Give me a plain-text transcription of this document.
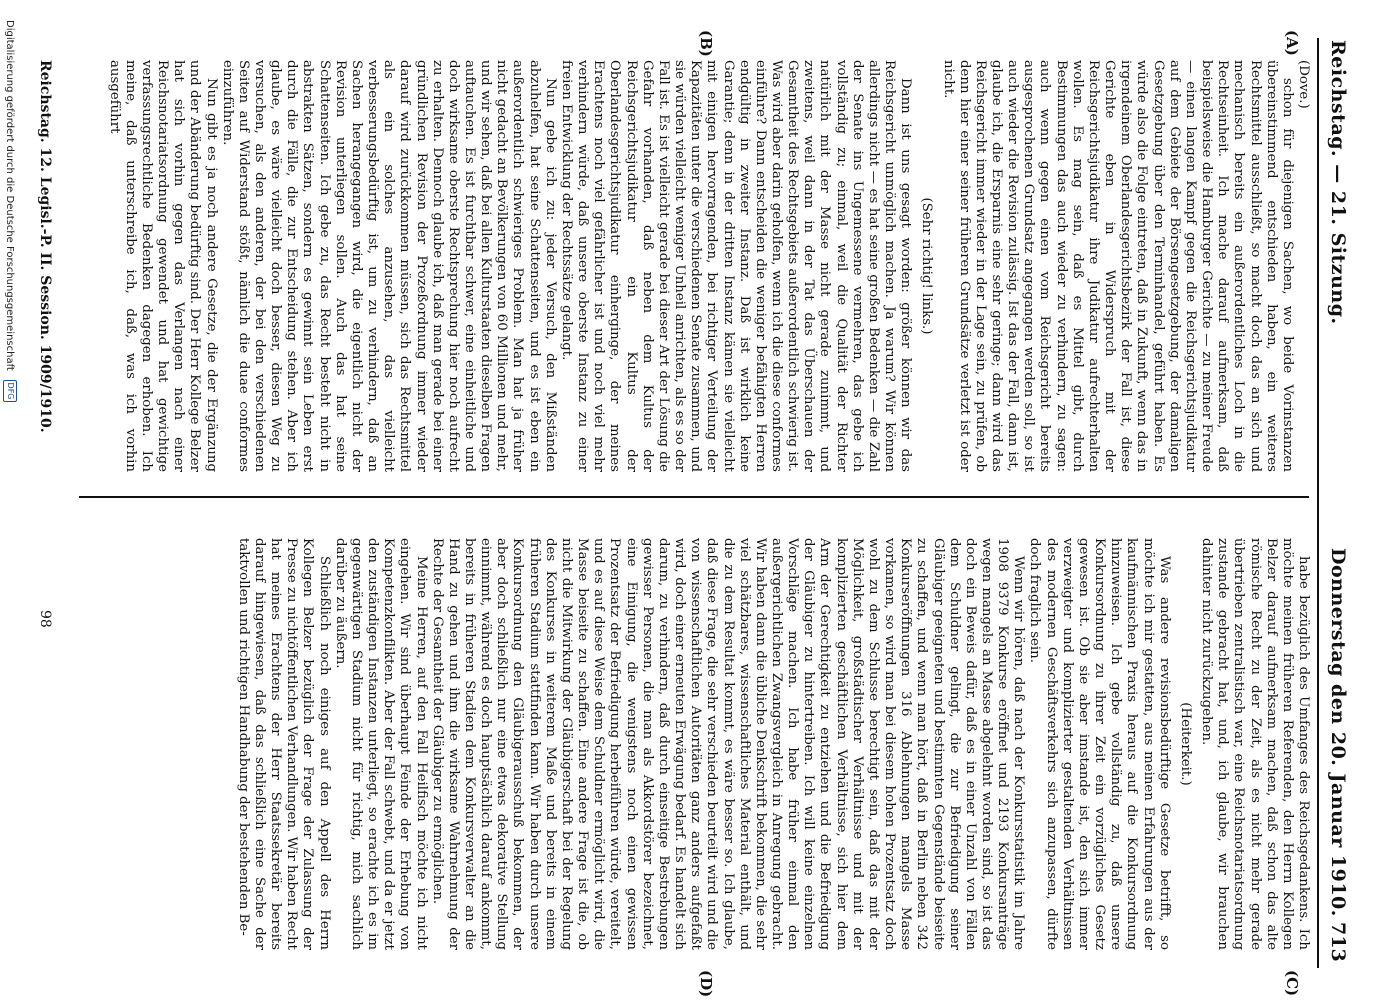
Reichstag. — 21. Sitzung.
Donnerstag den 20. Januar 1910.
713
(A)
(B)
(C)
(D)

(Dove.)

schon für diejenigen Sachen, wo beide Vorinstanzen übereinstimmend entschieden haben, ein weiteres Rechtsmittel ausschließt, so macht doch das an sich und mechanisch bereits ein außerordentliches Loch in die Rechtseinheit. Ich mache darauf aufmerksam, daß beispielsweise die Hamburger Gerichte — zu meiner Freude — einen langen Kampf gegen die Reichsgerichtsjudikatur auf dem Gebiete der Börsengesetzgebung, der damaligen Gesetzgebung über den Terminhandel, geführt haben. Es würde also die Folge eintreten, daß in Zukunft, wenn das in irgendeinem Oberlandesgerichtsbezirk der Fall ist, diese Gerichte eben in Widerspruch mit der Reichsgerichtsjudikatur ihre Judikatur aufrechterhalten wollen. Es mag sein, daß es Mittel gibt, durch Bestimmungen das auch wieder zu verhindern, zu sagen: auch wenn gegen einen vom Reichsgericht bereits ausgesprochenen Grundsatz angegangen werden soll, so ist auch wieder die Revision zulässig. Ist das der Fall, dann ist, glaube ich, die Ersparnis eine sehr geringe; dann wird das Reichsgericht immer wieder in der Lage sein, zu prüfen, ob denn hier einer seiner früheren Grundsätze verletzt ist oder nicht.

(Sehr richtig! links.)

Dann ist uns gesagt worden: größer können wir das Reichsgericht unmöglich machen. Ja warum? Wir können allerdings nicht — es hat seine großen Bedenken — die Zahl der Senate ins Ungemessene vermehren, das gebe ich vollständig zu; einmal, weil die Qualität der Richter natürlich mit der Masse nicht gerade zunimmt, und zweitens, weil dann in der Tat das Überschauen der Gesamtheit des Rechtsgebiets außerordentlich schwierig ist. Was wird aber darin geholfen, wenn ich die diese conformes einführe? Dann entscheiden die weniger befähigten Herren endgültig in zweiter Instanz. Daß ist wirklich keine Garantie; denn in der dritten Instanz kämen sie vielleicht mit einigen hervorragenden, bei richtiger Verteilung der Kapazitäten unter die verschiedenen Senate zusammen, und sie würden vielleicht weniger Unheil anrichten, als es so der Fall ist. Es ist vielleicht gerade bei dieser Art der Lösung die Gefahr vorhanden, daß neben dem Kultus der Reichsgerichtsjudikatur ein Kultus der Oberlandesgerichtsjudikatur einherginge, der meines Erachtens noch viel gefährlicher ist und noch viel mehr verhindern würde, daß unsere oberste Instanz zu einer freien Entwicklung der Rechtssätze gelangt.

Nun gebe ich zu: jeder Versuch, den Mißständen abzuhelfen, hat seine Schattenseiten, und es ist eben ein außerordentlich schwieriges Problem. Man hat ja früher nicht gedacht an Bevölkerungen von 60 Millionen und mehr, und wir sehen, daß bei allen Kulturstaaten dieselben Fragen auftauchen. Es ist furchtbar schwer, eine einheitliche und doch wirksame oberste Rechtsprechung hier noch aufrecht zu erhalten. Dennoch glaube ich, daß man gerade bei einer gründlichen Revision der Prozeßordnung immer wieder darauf wird zurückkommen müssen, sich das Rechtsmittel als ein solches anzusehen, das vielleicht verbesserungsbedürftig ist, um zu verhindern, daß an Sachen herangegangen wird, die eigentlich nicht der Revision unterliegen sollen. Auch das hat seine Schattenseiten. Ich gebe zu, das Recht besteht nicht in abstrakten Sätzen, sondern es gewinnt sein Leben erst durch die Fälle, die zur Entscheidung stehen. Aber ich glaube, es wäre vielleicht doch besser, diesen Weg zu versuchen, als den anderen, der bei den verschiedenen Seiten auf Widerstand stößt, nämlich die duae conformes einzuführen.

Nun gibt es ja noch andere Gesetze, die der Ergänzung und der Abänderung bedürftig sind. Der Herr Kollege Belzer hat sich vorhin gegen das Verlangen nach einer Reichsnotariatsordnung gewendet und hat gewichtige verfassungsrechtliche Bedenken dagegen erhoben. Ich meine, daß unterschreibe ich, daß, was ich vorhin ausgeführt

habe bezüglich des Umfanges des Reichsgedankens. Ich möchte meinen früheren Referenden, den Herrn Kollegen Belzer darauf aufmerksam machen, daß schon das alte römische Recht zu der Zeit, als es nicht mehr gerade übertrieben zentralistisch war, eine Reichsnotariatsordnung zustande gebracht hat, und, ich glaube, wir brauchen dahinter nicht zurückzugehen.

(Heiterkeit.)

Was andere revisionsbedürftige Gesetze betrifft, so möchte ich mir gestatten, aus meinen Erfahrungen aus der kaufmännischen Praxis heraus auf die Konkursordnung hinzuweisen. Ich gebe vollständig zu, daß unsere Konkursordnung zu ihrer Zeit ein vorzügliches Gesetz gewesen ist. Ob sie aber imstande ist, den sich immer verzweigter und komplizierter gestaltenden Verhältnissen des modernen Geschäftsverkehrs sich anzupassen, dürfte doch fraglich sein.

Wenn wir hören, daß nach der Konkursstatistik im Jahre 1908 9379 Konkurse eröffnet und 2193 Konkursanträge wegen mangels an Masse abgelehnt worden sind, so ist das doch ein Beweis dafür, daß es in einer Unzahl von Fällen dem Schuldner gelingt, die zur Befriedigung seiner Gläubiger geeigneten und bestimmten Gegenstände beiseite zu schaffen, und wenn man hört, daß in Berlin neben 342 Konkurseröffnungen 316 Ablehnungen mangels Masse vorkamen, so wird man bei diesem hohen Prozentsatz doch wohl zu dem Schlusse berechtigt sein, daß das mit der Möglichkeit, großstädtischer Verhältnisse und mit der komplizierten geschäftlichen Verhältnisse, sich hier dem Arm der Gerechtigkeit zu entziehen und die Befriedigung der Gläubiger zu hintertreiben. Ich will keine einzelnen Vorschläge machen. Ich habe früher einmal den außergerichtlichen Zwangsvergleich in Anregung gebracht. Wir haben dann die übliche Denkschrift bekommen, die sehr viel schätzbares, wissenschaftliches Material enthält, und die zu dem Resultat kommt, es wäre besser so. Ich glaube, daß diese Frage, die sehr verschieden beurteilt wird und die von wissenschaftlichen Autoritäten ganz anders aufgefaßt wird, doch einer erneuten Erwägung bedarf. Es handelt sich darum, zu verhindern, daß durch einseitige Bestrebungen gewisser Personen, die man als Akkordstörer bezeichnet, eine Einigung, die wenigstens noch einen gewissen Prozentsatz der Befriedigung herbeiführen würde, vereitelt, und es auf diese Weise dem Schuldner ermöglicht wird, die Masse beiseite zu schaffen. Eine andere Frage ist die, ob nicht die Mitwirkung der Gläubigerschaft bei der Regelung des Konkurses in weiterem Maße und bereits in einem früheren Stadium stattfinden kann. Wir haben durch unsere Konkursordnung den Gläubigerausschuß bekommen, der aber doch schließlich nur eine etwas dekorative Stellung einnimmt, während es doch hauptsächlich darauf ankommt, bereits in früheren Stadien dem Konkursverwalter an die Hand zu gehen und ihm die wirksame Wahrnehmung der Rechte der Gesamtheit der Gläubiger zu ermöglichen.

Meine Herren, auf den Fall Heilfisch möchte ich nicht eingehen. Wir sind überhaupt Feinde der Erhebung von Kompetenzkonflikten. Aber der Fall schwebt, und da er jetzt den zuständigen Instanzen unterliegt, so erachte ich es im gegenwärtigen Stadium nicht für richtig, mich sachlich darüber zu äußern.

Schließlich noch einiges auf den Appell des Herrn Kollegen Belzer bezüglich der Frage der Zulassung der Presse zu nichtöffentlichen Verhandlungen. Wir haben Recht hat meines Erachtens der Herr Staatssekretär bereits darauf hingewiesen, daß das schließlich eine Sache der taktvollen und richtigen Handhabung der bestehenden Be-

Reichstag. 12. Legisl.-P. II. Session. 1909/1910.
98
Digitalisierung gefördert durch die Deutsche Forschungsgemeinschaft DFG
